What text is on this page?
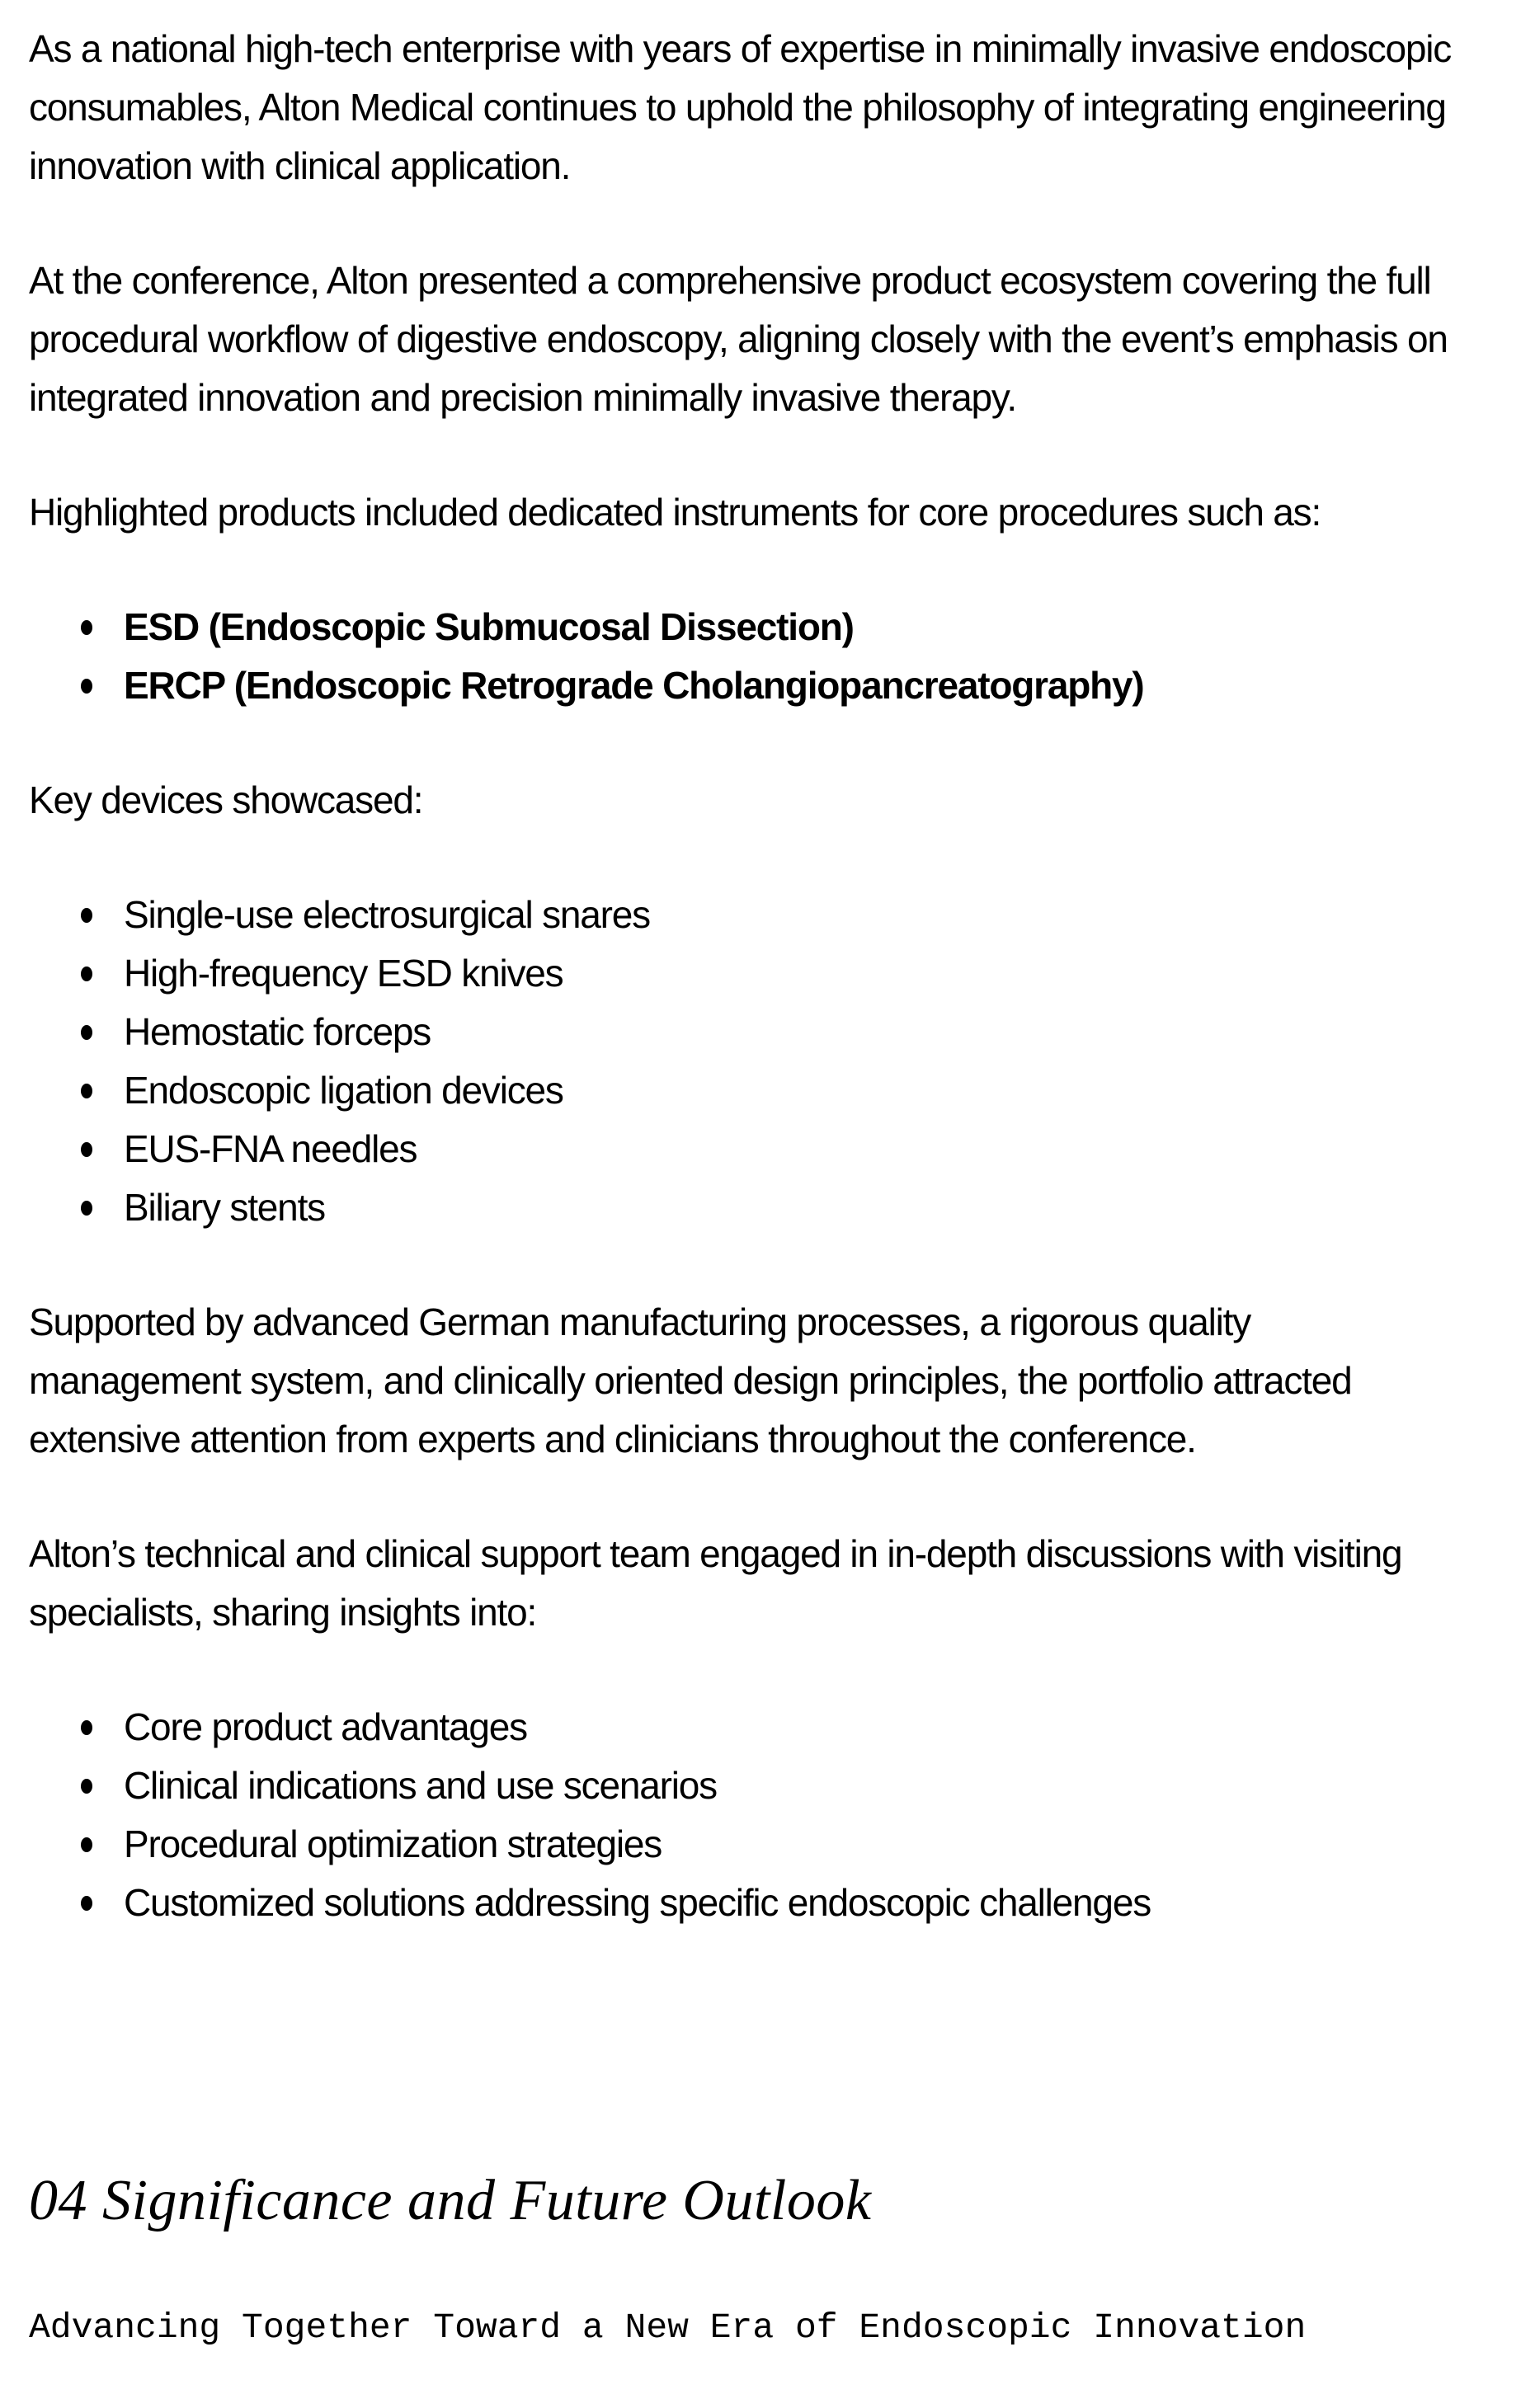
As a national high-tech enterprise with years of expertise in minimally invasive endoscopic consumables, Alton Medical continues to uphold the philosophy of integrating engineering innovation with clinical application.

At the conference, Alton presented a comprehensive product ecosystem covering the full procedural workflow of digestive endoscopy, aligning closely with the event’s emphasis on integrated innovation and precision minimally invasive therapy.

Highlighted products included dedicated instruments for core procedures such as:

ESD (Endoscopic Submucosal Dissection)
ERCP (Endoscopic Retrograde Cholangiopancreatography)

Key devices showcased:

Single-use electrosurgical snares
High-frequency ESD knives
Hemostatic forceps
Endoscopic ligation devices
EUS-FNA needles
Biliary stents

Supported by advanced German manufacturing processes, a rigorous quality management system, and clinically oriented design principles, the portfolio attracted extensive attention from experts and clinicians throughout the conference.

Alton’s technical and clinical support team engaged in in-depth discussions with visiting specialists, sharing insights into:

Core product advantages
Clinical indications and use scenarios
Procedural optimization strategies
Customized solutions addressing specific endoscopic challenges
04 Significance and Future Outlook
Advancing Together Toward a New Era of Endoscopic Innovation
